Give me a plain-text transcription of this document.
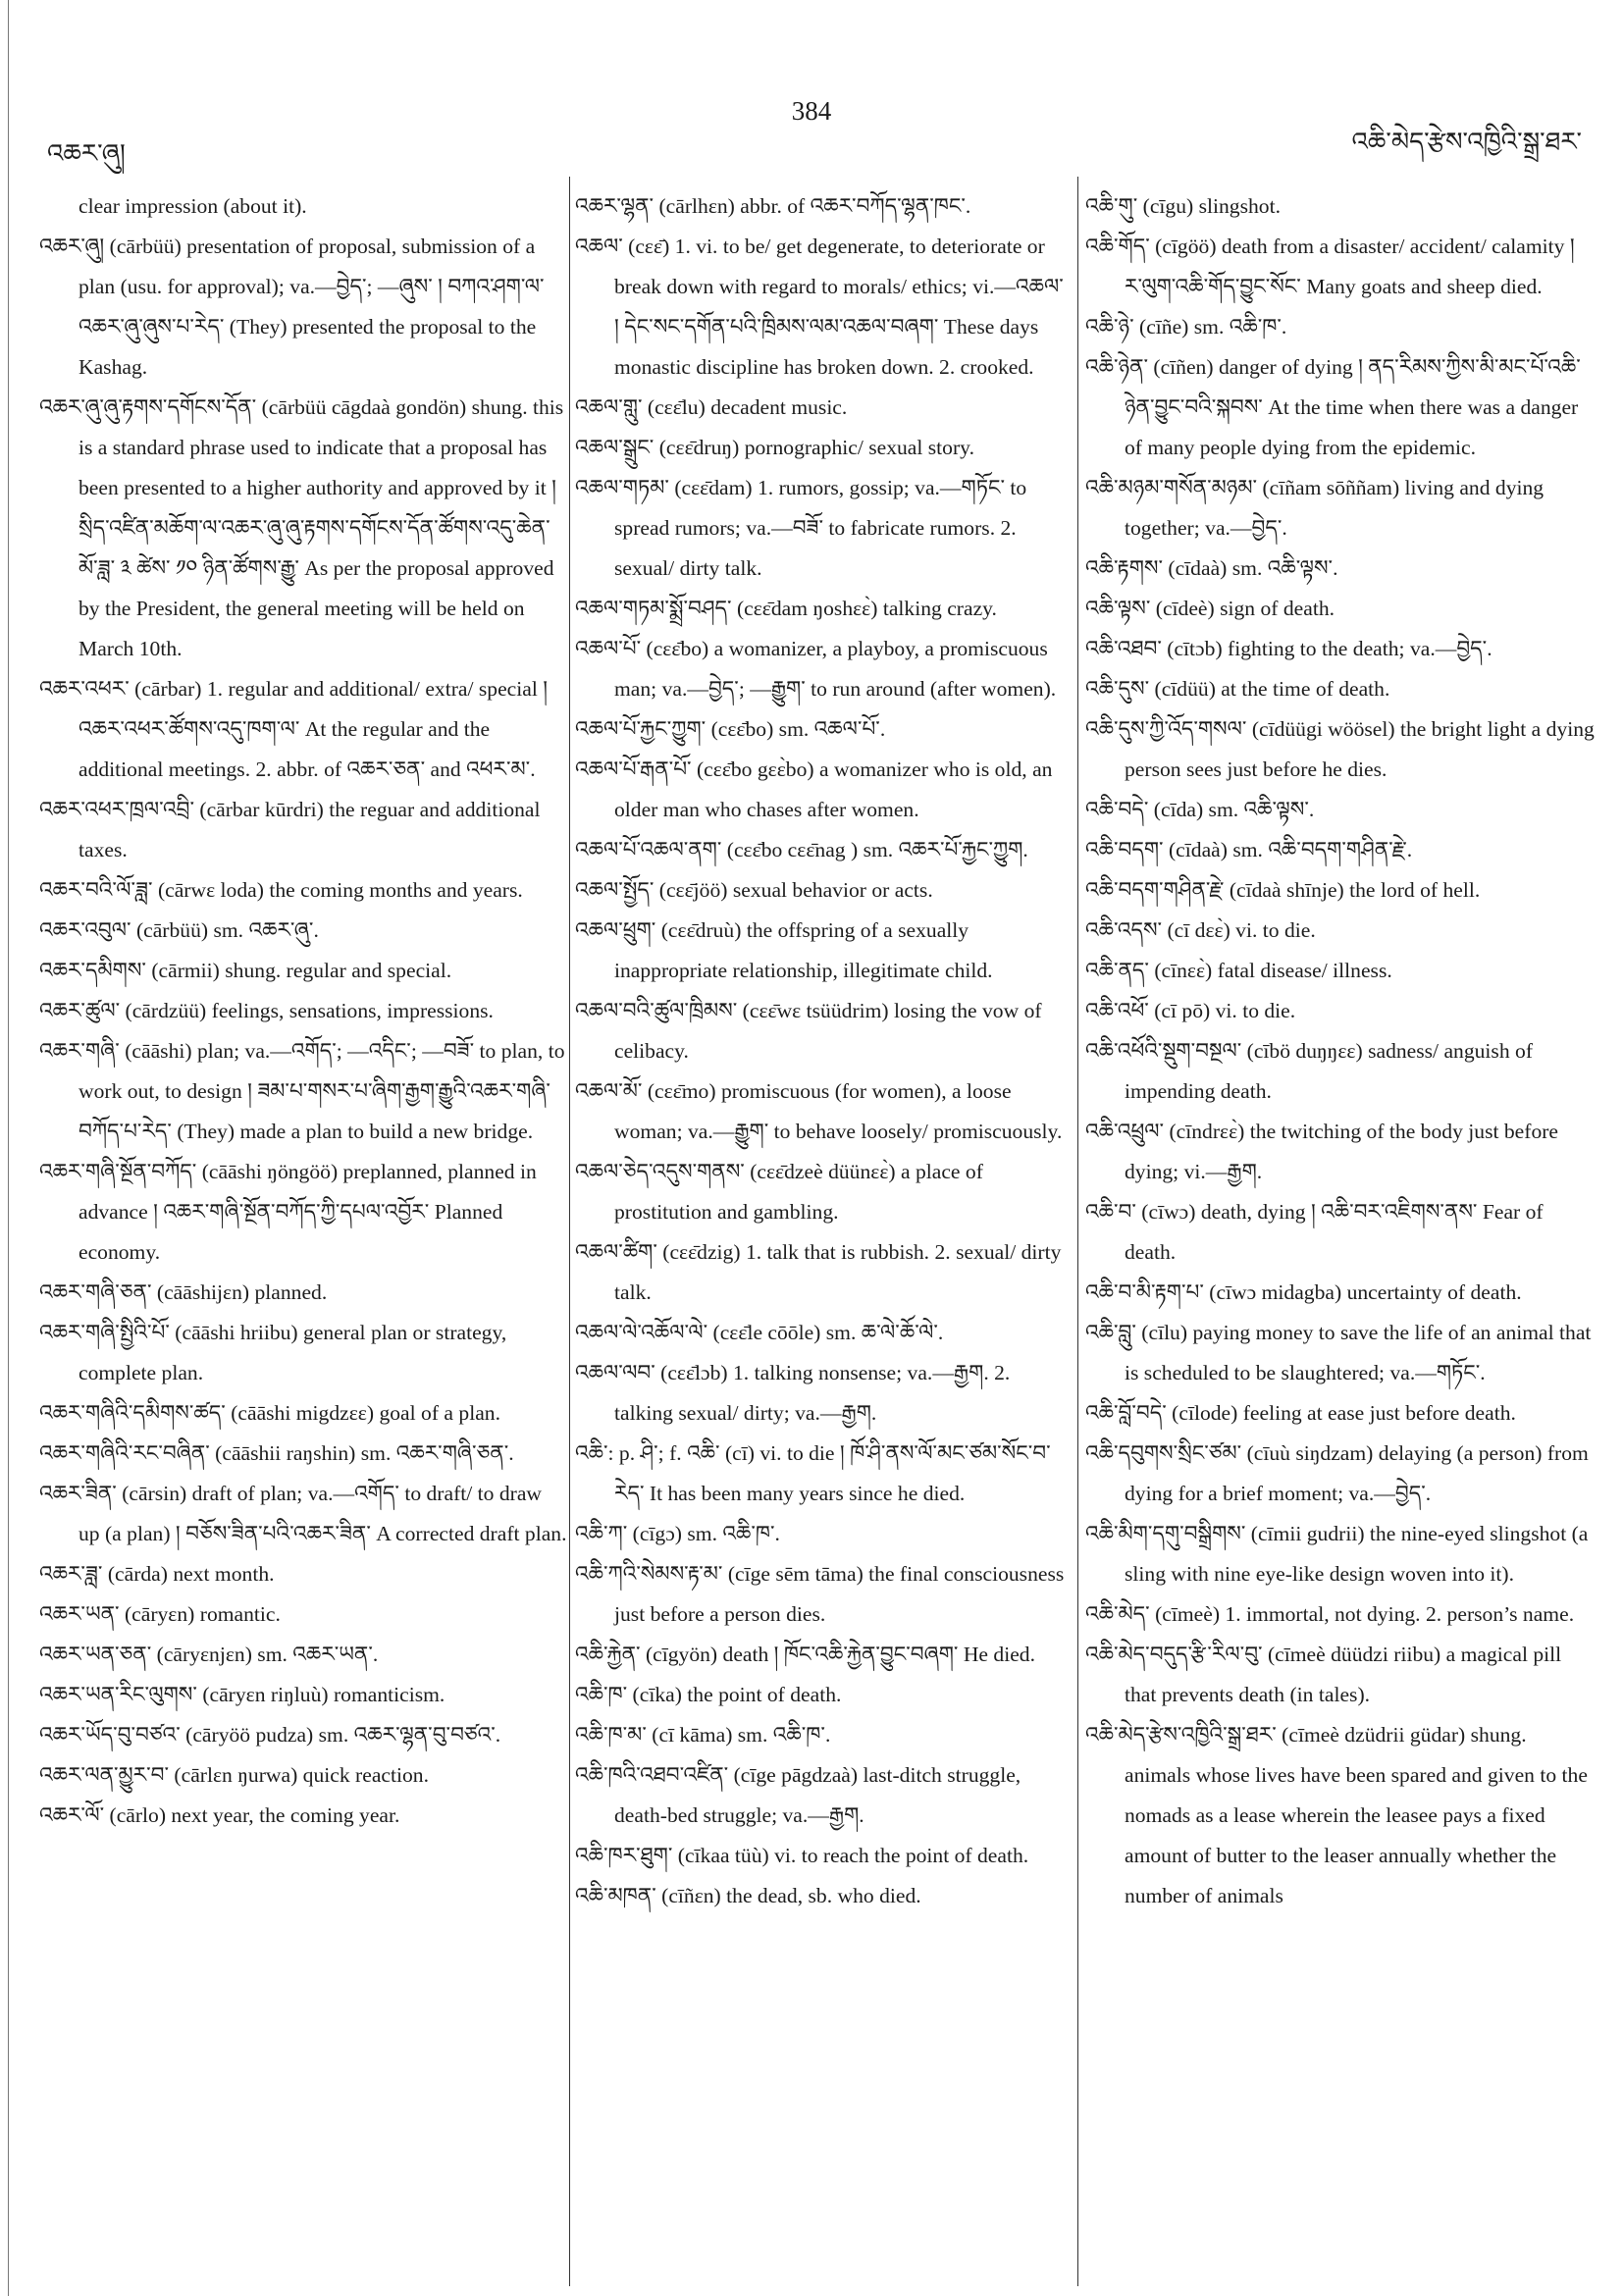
འཆར་ཞུ།
384
འཆི་མེད་རྩེས་འཁྱིའི་སྒྲ་ཐར་

clear impression (about it).

འཆར་ཞུ། (cārbüü) presentation of proposal, submission of a plan (usu. for approval); va.—བྱེད་; —ཞུས་ ། བཀའ་ཤག་ལ་འཆར་ཞུ་ཞུས་པ་རེད་ (They) presented the proposal to the Kashag.

འཆར་ཞུ་ཞུ་རྟགས་དགོངས་དོན་ (cārbüü cāgdaà gondön) shung. this is a standard phrase used to indicate that a proposal has been presented to a higher authority and approved by it ། སྲིད་འཛིན་མཆོག་ལ་འཆར་ཞུ་ཞུ་རྟགས་དགོངས་དོན་ཚོགས་འདུ་ཆེན་མོ་ཟླ་ ༣ ཚེས་ ༡༠ ཉིན་ཚོགས་རྒྱུ་ As per the proposal approved by the President, the general meeting will be held on March 10th.

འཆར་འཕར་ (cārbar) 1. regular and additional/ extra/ special ། འཆར་འཕར་ཚོགས་འདུ་ཁག་ལ་ At the regular and the additional meetings. 2. abbr. of འཆར་ཅན་ and འཕར་མ་.

འཆར་འཕར་ཁྲལ་འབྲི་ (cārbar kūrdri) the reguar and additional taxes.

འཆར་བའི་ལོ་ཟླ་ (cārwɛ loda) the coming months and years.

འཆར་འབུལ་ (cārbüü) sm. འཆར་ཞུ་.

འཆར་དམིགས་ (cārmii) shung. regular and special.

འཆར་ཚུལ་ (cārdzüü) feelings, sensations, impressions.

འཆར་གཞི་ (cāāshi) plan; va.—འགོད་; —འདིང་; —བཟོ་ to plan, to work out, to design ། ཟམ་པ་གསར་པ་ཞིག་རྒྱག་རྒྱུའི་འཆར་གཞི་བཀོད་པ་རེད་ (They) made a plan to build a new bridge.

འཆར་གཞི་སྔོན་བཀོད་ (cāāshi ŋöngöö) preplanned, planned in advance ། འཆར་གཞི་སྔོན་བཀོད་ཀྱི་དཔལ་འབྱོར་ Planned economy.

འཆར་གཞི་ཅན་ (cāāshijɛn) planned.

འཆར་གཞི་སྤྱིའི་པོ་ (cāāshi hriibu) general plan or strategy, complete plan.

འཆར་གཞིའི་དམིགས་ཚད་ (cāāshi migdzɛɛ) goal of a plan.

འཆར་གཞིའི་རང་བཞིན་ (cāāshii raŋshin) sm. འཆར་གཞི་ཅན་.

འཆར་ཟིན་ (cārsin) draft of plan; va.—འགོད་ to draft/ to draw up (a plan) ། བཅོས་ཟིན་པའི་འཆར་ཟིན་ A corrected draft plan.

འཆར་ཟླ་ (cārda) next month.

འཆར་ཡན་ (cāryɛn) romantic.

འཆར་ཡན་ཅན་ (cāryɛnjɛn) sm. འཆར་ཡན་.

འཆར་ཡན་རིང་ལུགས་ (cāryɛn riŋluù) romanticism.

འཆར་ཡོད་བུ་བཙའ་ (cāryöö pudza) sm. འཆར་ལྷན་བུ་བཙའ་.

འཆར་ལན་མྱུར་བ་ (cārlɛn ŋurwa) quick reaction.

འཆར་ལོ་ (cārlo) next year, the coming year.

འཆར་ལྷན་ (cārlhɛn) abbr. of འཆར་བཀོད་ལྷན་ཁང་.

འཆལ་ (cɛɛ̄) 1. vi. to be/ get degenerate, to deteriorate or break down with regard to morals/ ethics; vi.—འཆལ་ ། དེང་སང་དགོན་པའི་ཁྲིམས་ལམ་འཆལ་བཞག་ These days monastic discipline has broken down. 2. crooked.

འཆལ་གླུ་ (cɛɛ̄lu) decadent music.

འཆལ་སྒྲུང་ (cɛɛ̄druŋ) pornographic/ sexual story.

འཆལ་གཏམ་ (cɛɛ̄dam) 1. rumors, gossip; va.—གཏོང་ to spread rumors; va.—བཟོ་ to fabricate rumors. 2. sexual/ dirty talk.

འཆལ་གཏམ་སྨྲོ་བཤད་ (cɛɛ̄dam ŋoshɛɛ̀) talking crazy.

འཆལ་པོ་ (cɛɛ̄bo) a womanizer, a playboy, a promiscuous man; va.—བྱེད་; —རྒྱུག་ to run around (after women).

འཆལ་པོ་རྐྱང་ཀྱུག་ (cɛɛ̄bo) sm. འཆལ་པོ་.

འཆལ་པོ་རྒན་པོ་ (cɛɛ̄bo gɛɛ̀bo) a womanizer who is old, an older man who chases after women.

འཆལ་པོ་འཆལ་ནག་ (cɛɛ̄bo cɛɛ̄nag ) sm. འཆར་པོ་རྐྱང་ཀྱུག.

འཆལ་སྤྱོད་ (cɛɛ̄jöö) sexual behavior or acts.

འཆལ་ཕྲུག་ (cɛɛ̄druù) the offspring of a sexually inappropriate relationship, illegitimate child.

འཆལ་བའི་ཚུལ་ཁྲིམས་ (cɛɛ̄wɛ tsüüdrim) losing the vow of celibacy.

འཆལ་མོ་ (cɛɛ̄mo) promiscuous (for women), a loose woman; va.—རྒྱུག་ to behave loosely/ promiscuously.

འཆལ་ཅེད་འདུས་གནས་ (cɛɛ̄dzeè düünɛɛ̀) a place of prostitution and gambling.

འཆལ་ཚིག་ (cɛɛ̄dzig) 1. talk that is rubbish. 2. sexual/ dirty talk.

འཆལ་ལེ་འཆོལ་ལེ་ (cɛɛ̄le cōōle) sm. ཆ་ལེ་ཆོ་ལེ་.

འཆལ་ལབ་ (cɛɛ̄lɔb) 1. talking nonsense; va.—རྒྱག. 2. talking sexual/ dirty; va.—རྒྱག.

འཆི་: p. ཤི་; f. འཆི་ (cī) vi. to die ། ཁོ་ཤི་ནས་ལོ་མང་ཙམ་སོང་བ་རེད་ It has been many years since he died.

འཆི་ཀ་ (cīgɔ) sm. འཆི་ཁ་.

འཆི་ཀའི་སེམས་རྟ་མ་ (cīge sēm tāma) the final consciousness just before a person dies.

འཆི་རྐྱེན་ (cīgyön) death ། ཁོང་འཆི་རྐྱེན་བྱུང་བཞག་ He died.

འཆི་ཁ་ (cīka) the point of death.

འཆི་ཁ་མ་ (cī kāma) sm. འཆི་ཁ་.

འཆི་ཁའི་འཐབ་འཛིན་ (cīge pāgdzaà) last-ditch struggle, death-bed struggle; va.—རྒྱག.

འཆི་ཁར་ཐུག་ (cīkaa tüù) vi. to reach the point of death.

འཆི་མཁན་ (cīñɛn) the dead, sb. who died.

འཆི་གུ་ (cīgu) slingshot.

འཆི་གོད་ (cīgöö) death from a disaster/ accident/ calamity ། ར་ལུག་འཆི་གོད་བྱུང་སོང་ Many goats and sheep died.

འཆི་ཉེ་ (cīñe) sm. འཆི་ཁ་.

འཆི་ཉེན་ (cīñen) danger of dying ། ནད་རིམས་ཀྱིས་མི་མང་པོ་འཆི་ཉེན་བྱུང་བའི་སྐབས་ At the time when there was a danger of many people dying from the epidemic.

འཆི་མཉམ་གསོན་མཉམ་ (cīñam sōññam) living and dying together; va.—བྱེད་.

འཆི་རྟགས་ (cīdaà) sm. འཆི་ལྟས་.

འཆི་ལྟས་ (cīdeè) sign of death.

འཆི་འཐབ་ (cītɔb) fighting to the death; va.—བྱེད་.

འཆི་དུས་ (cīdüü) at the time of death.

འཆི་དུས་ཀྱི་འོད་གསལ་ (cīdüügi wöösel) the bright light a dying person sees just before he dies.

འཆི་བདེ་ (cīda) sm. འཆི་ལྟས་.

འཆི་བདག་ (cīdaà) sm. འཆི་བདག་གཤིན་རྗེ་.

འཆི་བདག་གཤིན་རྗེ་ (cīdaà shīnje) the lord of hell.

འཆི་འདས་ (cī dɛɛ̀) vi. to die.

འཆི་ནད་ (cīnɛɛ̀) fatal disease/ illness.

འཆི་འཕོ་ (cī pō) vi. to die.

འཆི་འཕོའི་སྡུག་བསྔལ་ (cībö duŋŋɛɛ) sadness/ anguish of impending death.

འཆི་འཕྲུལ་ (cīndrɛɛ̀) the twitching of the body just before dying; vi.—རྒྱག.

འཆི་བ་ (cīwɔ) death, dying ། འཆི་བར་འཇིགས་ནས་ Fear of death.

འཆི་བ་མི་རྟག་པ་ (cīwɔ midagba) uncertainty of death.

འཆི་བླུ་ (cīlu) paying money to save the life of an animal that is scheduled to be slaughtered; va.—གཏོང་.

འཆི་བློ་བདེ་ (cīlode) feeling at ease just before death.

འཆི་དབུགས་སྲིང་ཙམ་ (cīuù siŋdzam) delaying (a person) from dying for a brief moment; va.—བྱེད་.

འཆི་མིག་དགུ་བསྒྲིགས་ (cīmii gudrii) the nine-eyed slingshot (a sling with nine eye-like design woven into it).

འཆི་མེད་ (cīmeè) 1. immortal, not dying. 2. person’s name.

འཆི་མེད་བདུད་རྩི་རིལ་བུ་ (cīmeè düüdzi riibu) a magical pill that prevents death (in tales).

འཆི་མེད་རྩེས་འཁྱིའི་སྒྲ་ཐར་ (cīmeè dzüdrii güdar) shung. animals whose lives have been spared and given to the nomads as a lease wherein the leasee pays a fixed amount of butter to the leaser annually whether the number of animals
